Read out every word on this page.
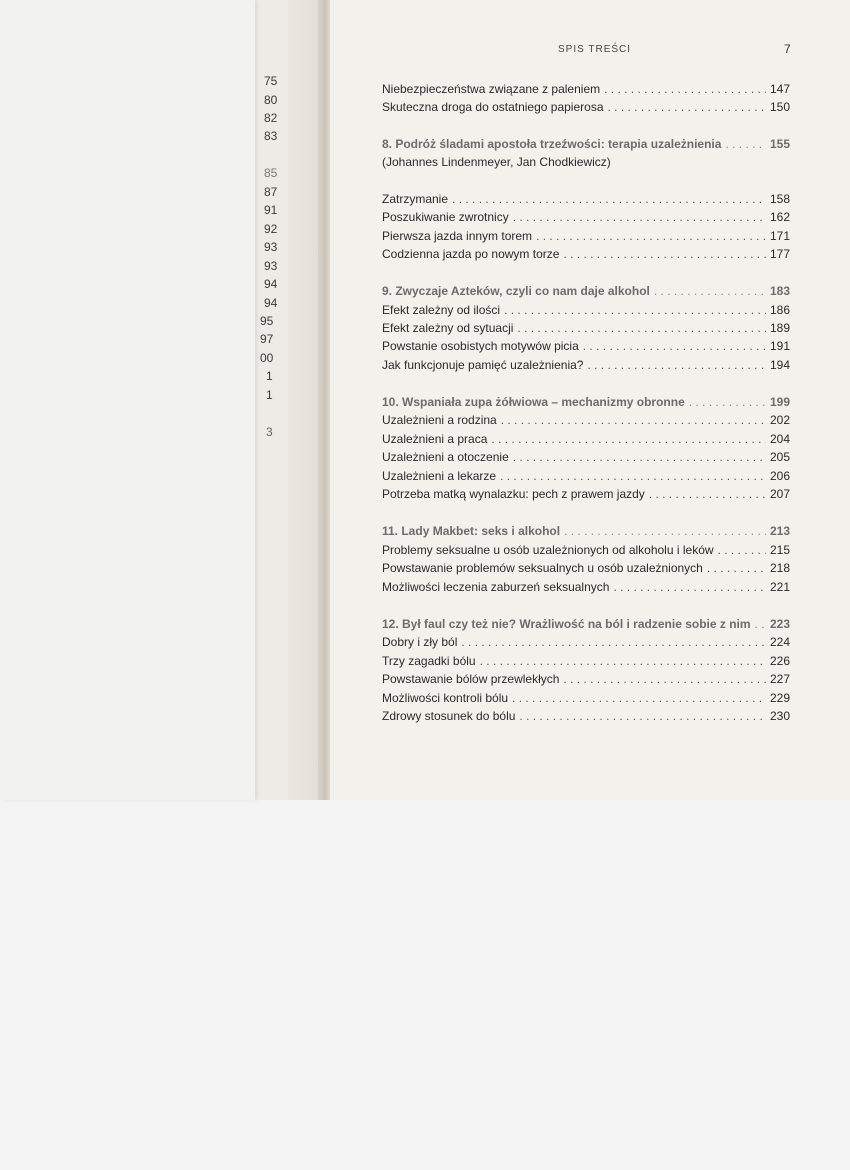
75
80
82
83
85
87
91
92
93
93
94
94
95
97
00
1
1
3
SPIS TREŚCI	7
Niebezpieczeństwa związane z paleniem . . .	147
Skuteczna droga do ostatniego papierosa . . .	150
8. Podróż śladami apostoła trzeźwości: terapia uzależnienia . . .	155
(Johannes Lindenmeyer, Jan Chodkiewicz)
Zatrzymanie . . .	158
Poszukiwanie zwrotnicy . . .	162
Pierwsza jazda innym torem . . .	171
Codzienna jazda po nowym torze . . .	177
9. Zwyczaje Azteków, czyli co nam daje alkohol . . .	183
Efekt zależny od ilości . . .	186
Efekt zależny od sytuacji . . .	189
Powstanie osobistych motywów picia . . .	191
Jak funkcjonuje pamięć uzależnienia? . . .	194
10. Wspaniała zupa żółwiowa – mechanizmy obronne . . .	199
Uzależnieni a rodzina . . .	202
Uzależnieni a praca . . .	204
Uzależnieni a otoczenie . . .	205
Uzależnieni a lekarze . . .	206
Potrzeba matką wynalazku: pech z prawem jazdy . . .	207
11. Lady Makbet: seks i alkohol . . .	213
Problemy seksualne u osób uzależnionych od alkoholu i leków . . .	215
Powstawanie problemów seksualnych u osób uzależnionych . . .	218
Możliwości leczenia zaburzeń seksualnych . . .	221
12. Był faul czy też nie? Wrażliwość na ból i radzenie sobie z nim . . . 223
Dobry i zły ból . . .	224
Trzy zagadki bólu . . .	226
Powstawanie bólów przewlekłych . . .	227
Możliwości kontroli bólu . . .	229
Zdrowy stosunek do bólu . . .	230
